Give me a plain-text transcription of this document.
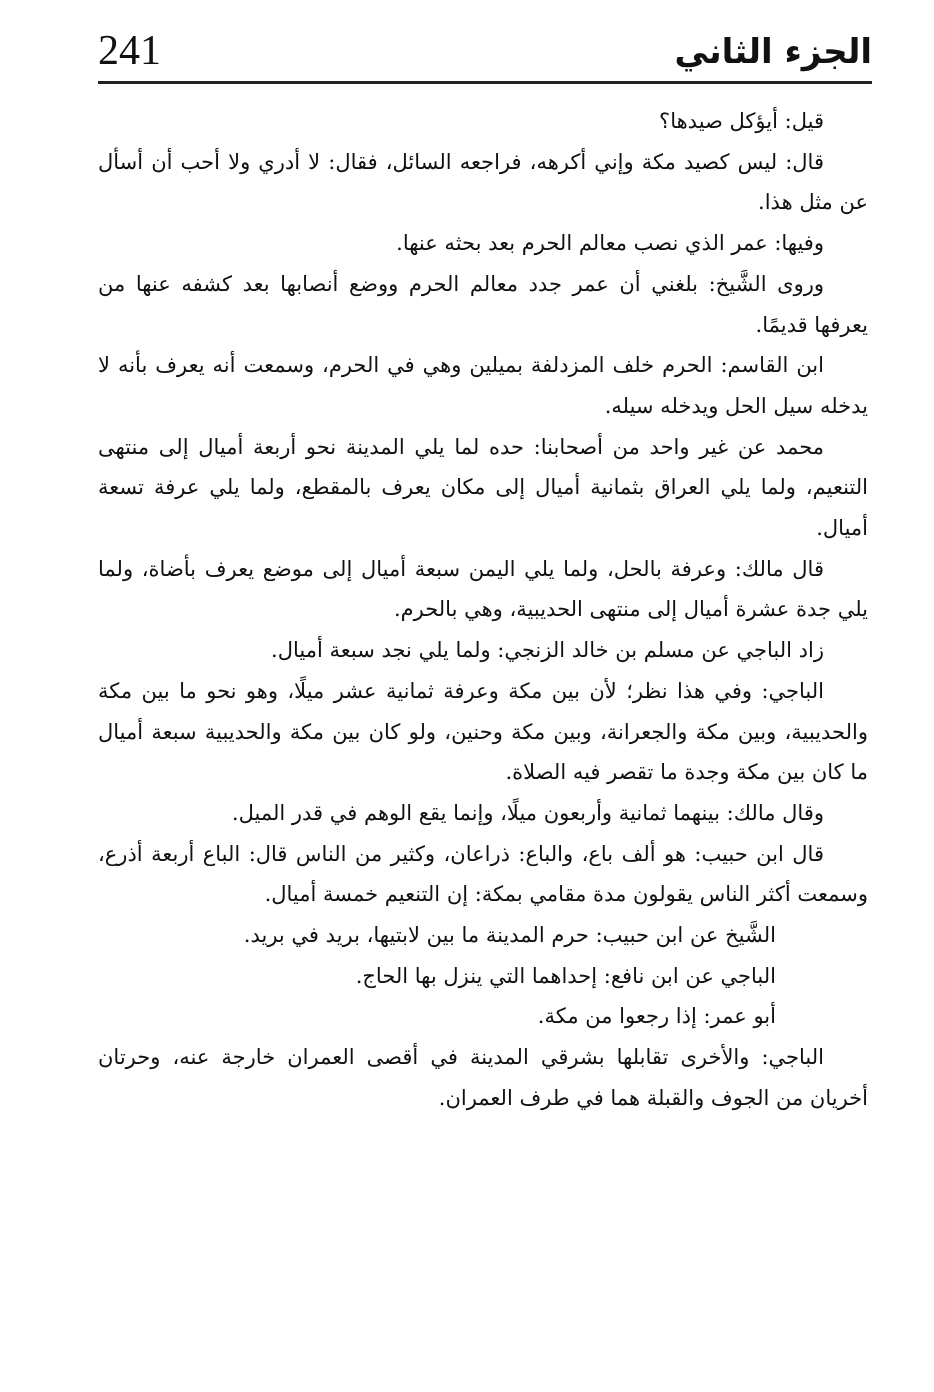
241	الجزء الثاني

قيل: أيؤكل صيدها؟

قال: ليس كصيد مكة وإني أكرهه، فراجعه السائل، فقال: لا أدري ولا أحب أن أسأل عن مثل هذا.

وفيها: عمر الذي نصب معالم الحرم بعد بحثه عنها.

وروى الشَّيخ: بلغني أن عمر جدد معالم الحرم ووضع أنصابها بعد كشفه عنها من يعرفها قديمًا.

ابن القاسم: الحرم خلف المزدلفة بميلين وهي في الحرم، وسمعت أنه يعرف بأنه لا يدخله سيل الحل ويدخله سيله.

محمد عن غير واحد من أصحابنا: حده لما يلي المدينة نحو أربعة أميال إلى منتهى التنعيم، ولما يلي العراق بثمانية أميال إلى مكان يعرف بالمقطع، ولما يلي عرفة تسعة أميال.

قال مالك: وعرفة بالحل، ولما يلي اليمن سبعة أميال إلى موضع يعرف بأضاة، ولما يلي جدة عشرة أميال إلى منتهى الحديبية، وهي بالحرم.

زاد الباجي عن مسلم بن خالد الزنجي: ولما يلي نجد سبعة أميال.

الباجي: وفي هذا نظر؛ لأن بين مكة وعرفة ثمانية عشر ميلًا، وهو نحو ما بين مكة والحديبية، وبين مكة والجعرانة، وبين مكة وحنين، ولو كان بين مكة والحديبية سبعة أميال ما كان بين مكة وجدة ما تقصر فيه الصلاة.

وقال مالك: بينهما ثمانية وأربعون ميلًا، وإنما يقع الوهم في قدر الميل.

قال ابن حبيب: هو ألف باع، والباع: ذراعان، وكثير من الناس قال: الباع أربعة أذرع، وسمعت أكثر الناس يقولون مدة مقامي بمكة: إن التنعيم خمسة أميال.

الشَّيخ عن ابن حبيب: حرم المدينة ما بين لابتيها، بريد في بريد.

الباجي عن ابن نافع: إحداهما التي ينزل بها الحاج.

أبو عمر: إذا رجعوا من مكة.

الباجي: والأخرى تقابلها بشرقي المدينة في أقصى العمران خارجة عنه، وحرتان أخريان من الجوف والقبلة هما في طرف العمران.
